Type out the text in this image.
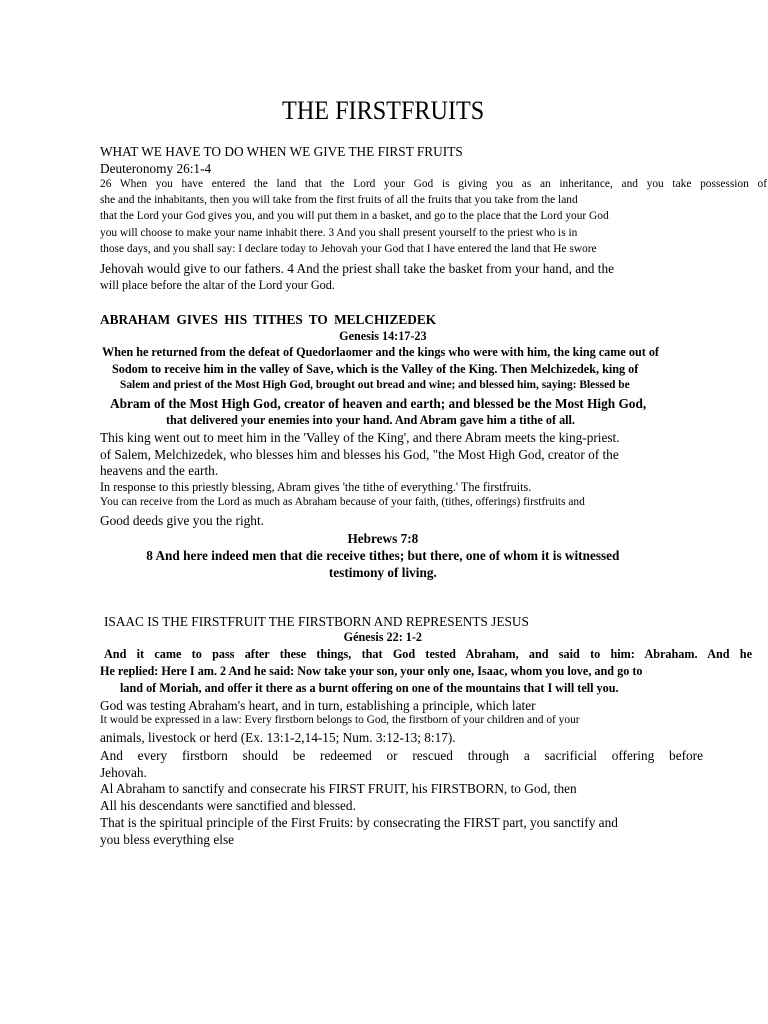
THE FIRSTFRUITS
WHAT WE HAVE TO DO WHEN WE GIVE THE FIRST FRUITS
Deuteronomy 26:1-4
26 When you have entered the land that the Lord your God is giving you as an inheritance, and you take possession of
she and the inhabitants, then you will take from the first fruits of all the fruits that you take from the land
that the Lord your God gives you, and you will put them in a basket, and go to the place that the Lord your God
you will choose to make your name inhabit there. 3 And you shall present yourself to the priest who is in
those days, and you shall say: I declare today to Jehovah your God that I have entered the land that He swore
Jehovah would give to our fathers. 4 And the priest shall take the basket from your hand, and the
will place before the altar of the Lord your God.
ABRAHAM GIVES HIS TITHES TO MELCHIZEDEK
Genesis 14:17-23
When he returned from the defeat of Quedorlaomer and the kings who were with him, the king came out of
Sodom to receive him in the valley of Save, which is the Valley of the King. Then Melchizedek, king of
Salem and priest of the Most High God, brought out bread and wine; and blessed him, saying: Blessed be
Abram of the Most High God, creator of heaven and earth; and blessed be the Most High God,
that delivered your enemies into your hand. And Abram gave him a tithe of all.
This king went out to meet him in the 'Valley of the King', and there Abram meets the king-priest.
of Salem, Melchizedek, who blesses him and blesses his God, "the Most High God, creator of the
heavens and the earth.
In response to this priestly blessing, Abram gives 'the tithe of everything.' The firstfruits.
You can receive from the Lord as much as Abraham because of your faith, (tithes, offerings) firstfruits and
Good deeds give you the right.
Hebrews 7:8
8 And here indeed men that die receive tithes; but there, one of whom it is witnessed
testimony of living.
ISAAC IS THE FIRSTFRUIT THE FIRSTBORN AND REPRESENTS JESUS
Génesis 22: 1-2
And it came to pass after these things, that God tested Abraham, and said to him: Abraham. And he
He replied: Here I am. 2 And he said: Now take your son, your only one, Isaac, whom you love, and go to
land of Moriah, and offer it there as a burnt offering on one of the mountains that I will tell you.
God was testing Abraham's heart, and in turn, establishing a principle, which later
It would be expressed in a law: Every firstborn belongs to God, the firstborn of your children and of your
animals, livestock or herd (Ex. 13:1-2,14-15; Num. 3:12-13; 8:17).
And every firstborn should be redeemed or rescued through a sacrificial offering before
Jehovah.
Al Abraham to sanctify and consecrate his FIRST FRUIT, his FIRSTBORN, to God, then
All his descendants were sanctified and blessed.
That is the spiritual principle of the First Fruits: by consecrating the FIRST part, you sanctify and
you bless everything else
